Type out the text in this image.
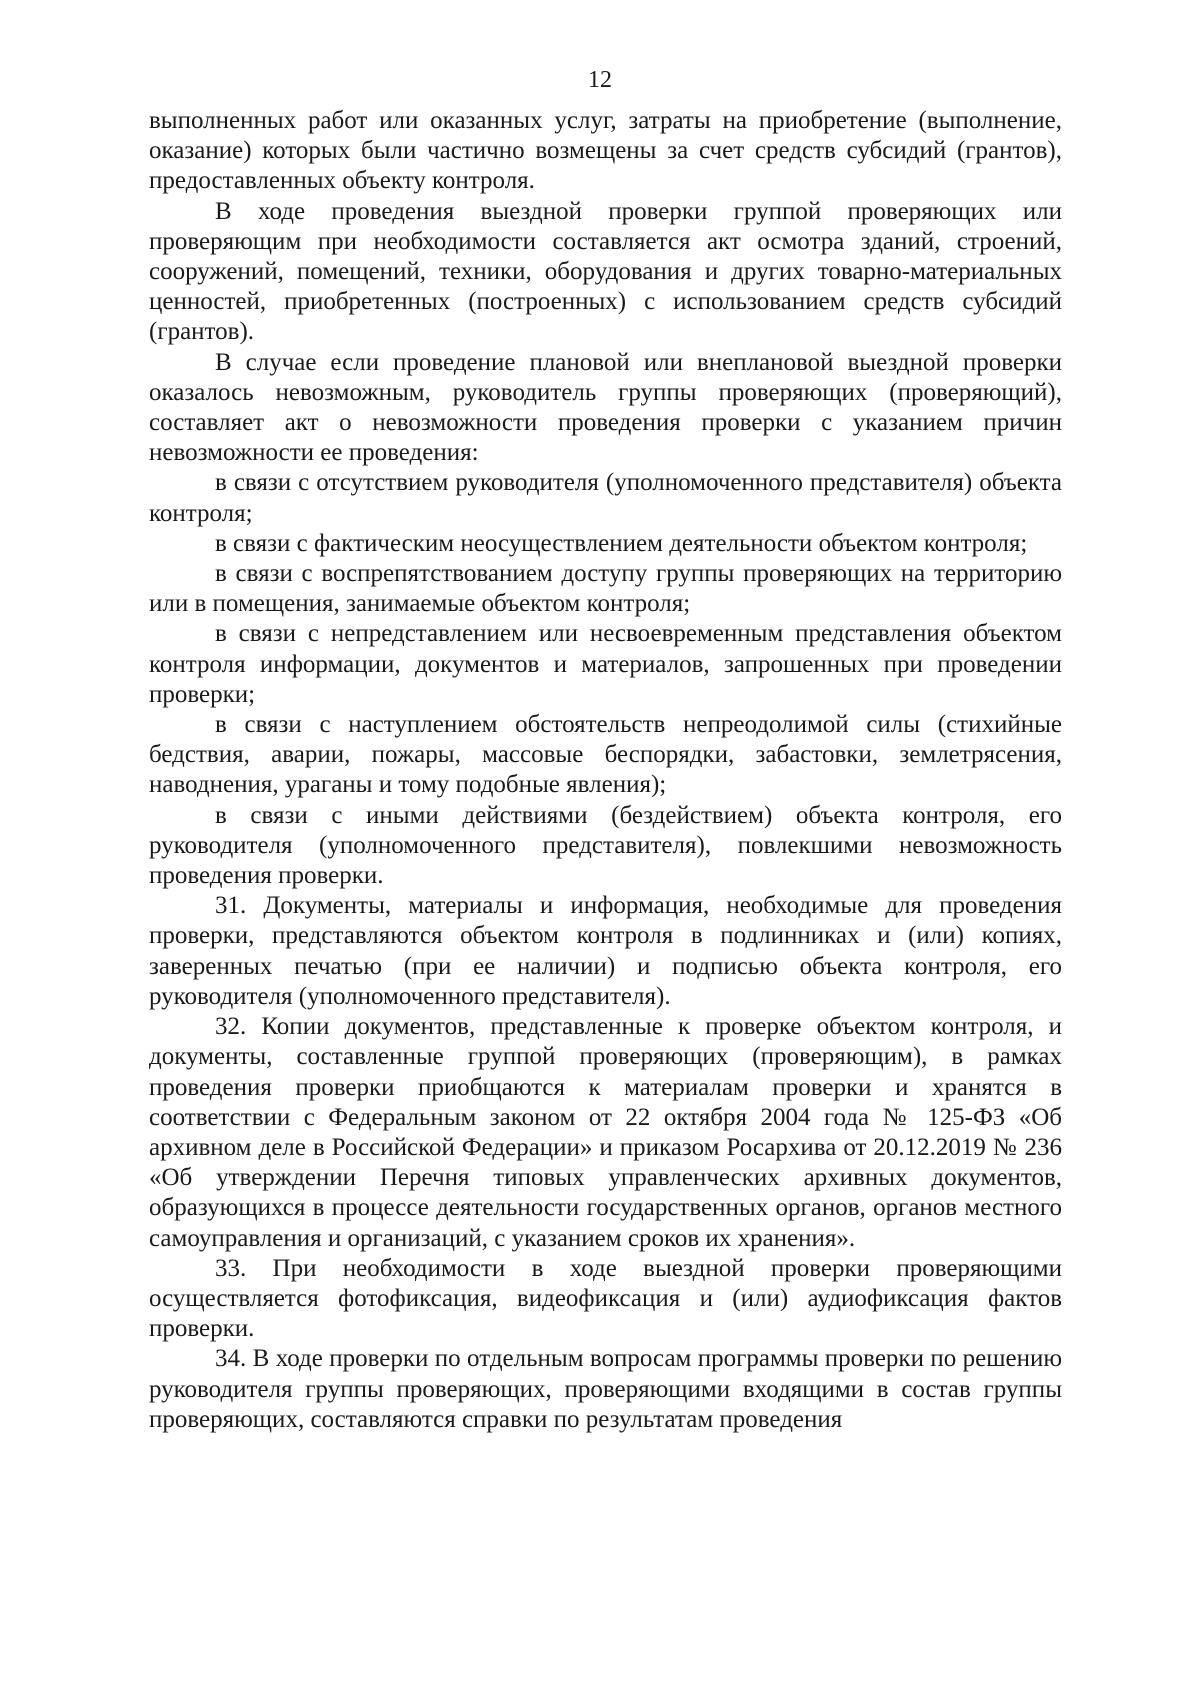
12

выполненных работ или оказанных услуг, затраты на приобретение (выполнение, оказание) которых были частично возмещены за счет средств субсидий (грантов), предоставленных объекту контроля.

В ходе проведения выездной проверки группой проверяющих или проверяющим при необходимости составляется акт осмотра зданий, строений, сооружений, помещений, техники, оборудования и других товарно-материальных ценностей, приобретенных (построенных) с использованием средств субсидий (грантов).

В случае если проведение плановой или внеплановой выездной проверки оказалось невозможным, руководитель группы проверяющих (проверяющий), составляет акт о невозможности проведения проверки с указанием причин невозможности ее проведения:

в связи с отсутствием руководителя (уполномоченного представителя) объекта контроля;

в связи с фактическим неосуществлением деятельности объектом контроля;

в связи с воспрепятствованием доступу группы проверяющих на территорию или в помещения, занимаемые объектом контроля;

в связи с непредставлением или несвоевременным представления объектом контроля информации, документов и материалов, запрошенных при проведении проверки;

в связи с наступлением обстоятельств непреодолимой силы (стихийные бедствия, аварии, пожары, массовые беспорядки, забастовки, землетрясения, наводнения, ураганы и тому подобные явления);

в связи с иными действиями (бездействием) объекта контроля, его руководителя (уполномоченного представителя), повлекшими невозможность проведения проверки.

31. Документы, материалы и информация, необходимые для проведения проверки, представляются объектом контроля в подлинниках и (или) копиях, заверенных печатью (при ее наличии) и подписью объекта контроля, его руководителя (уполномоченного представителя).

32. Копии документов, представленные к проверке объектом контроля, и документы, составленные группой проверяющих (проверяющим), в рамках проведения проверки приобщаются к материалам проверки и хранятся в соответствии с Федеральным законом от 22 октября 2004 года № 125-ФЗ «Об архивном деле в Российской Федерации» и приказом Росархива от 20.12.2019 № 236 «Об утверждении Перечня типовых управленческих архивных документов, образующихся в процессе деятельности государственных органов, органов местного самоуправления и организаций, с указанием сроков их хранения».

33. При необходимости в ходе выездной проверки проверяющими осуществляется фотофиксация, видеофиксация и (или) аудиофиксация фактов проверки.

34. В ходе проверки по отдельным вопросам программы проверки по решению руководителя группы проверяющих, проверяющими входящими в состав группы проверяющих, составляются справки по результатам проведения
